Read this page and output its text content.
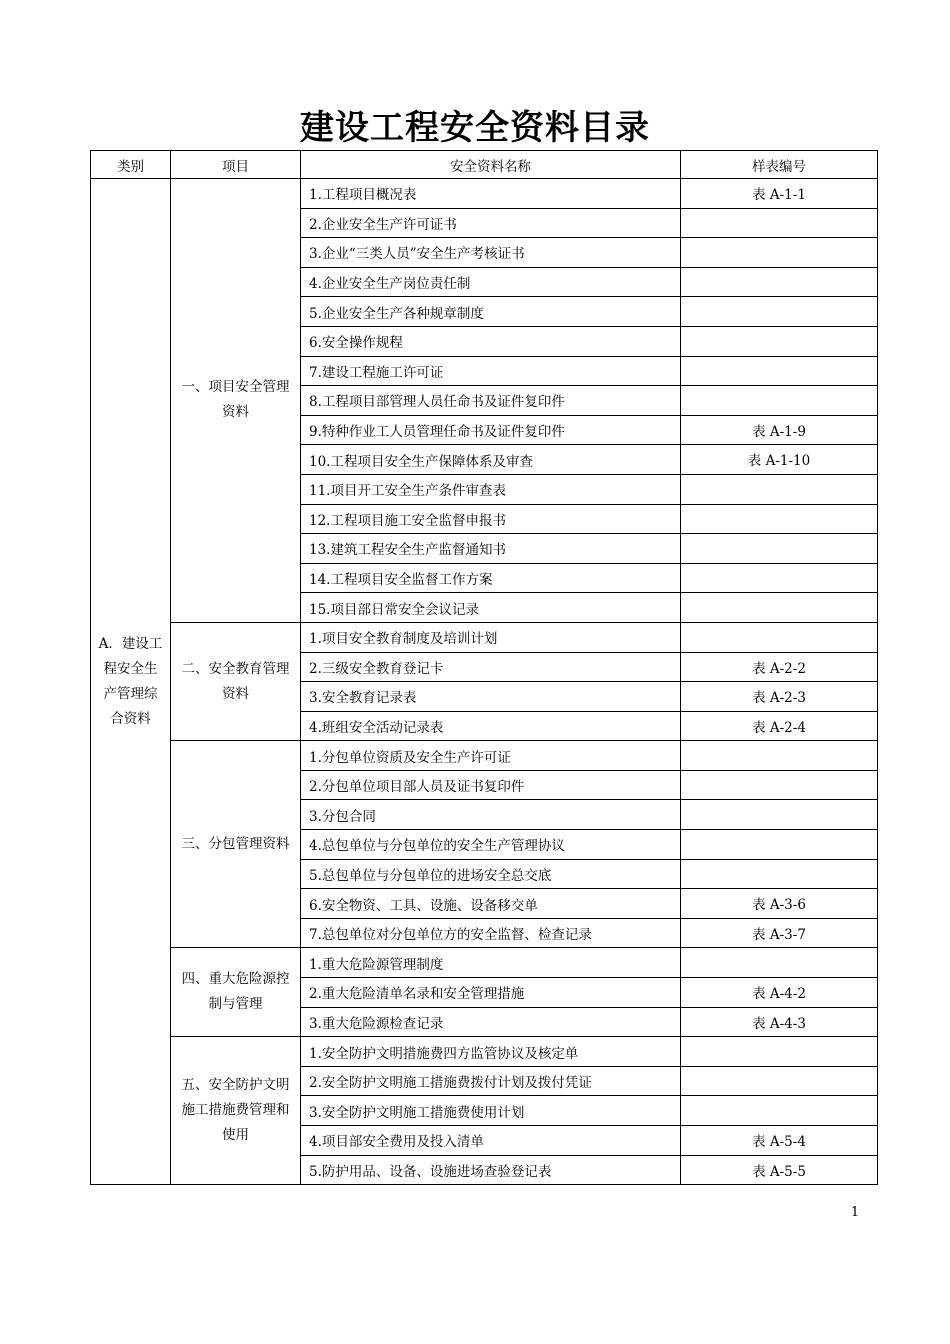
建设工程安全资料目录
类别	项目	安全资料名称	样表编号
A．建设工程安全生产管理综合资料	一、项目安全管理资料	1.工程项目概况表	表 A-1-1
		2.企业安全生产许可证书	
		3.企业“三类人员”安全生产考核证书	
		4.企业安全生产岗位责任制	
		5.企业安全生产各种规章制度	
		6.安全操作规程	
		7.建设工程施工许可证	
		8.工程项目部管理人员任命书及证件复印件	
		9.特种作业工人员管理任命书及证件复印件	表 A-1-9
		10.工程项目安全生产保障体系及审查	表 A-1-10
		11.项目开工安全生产条件审查表	
		12.工程项目施工安全监督申报书	
		13.建筑工程安全生产监督通知书	
		14.工程项目安全监督工作方案	
		15.项目部日常安全会议记录	
	二、安全教育管理资料	1.项目安全教育制度及培训计划	
		2.三级安全教育登记卡	表 A-2-2
		3.安全教育记录表	表 A-2-3
		4.班组安全活动记录表	表 A-2-4
	三、分包管理资料	1.分包单位资质及安全生产许可证	
		2.分包单位项目部人员及证书复印件	
		3.分包合同	
		4.总包单位与分包单位的安全生产管理协议	
		5.总包单位与分包单位的进场安全总交底	
		6.安全物资、工具、设施、设备移交单	表 A-3-6
		7.总包单位对分包单位方的安全监督、检查记录	表 A-3-7
	四、重大危险源控制与管理	1.重大危险源管理制度	
		2.重大危险清单名录和安全管理措施	表 A-4-2
		3.重大危险源检查记录	表 A-4-3
	五、安全防护文明施工措施费管理和使用	1.安全防护文明措施费四方监管协议及核定单	
		2.安全防护文明施工措施费拨付计划及拨付凭证	
		3.安全防护文明施工措施费使用计划	
		4.项目部安全费用及投入清单	表 A-5-4
		5.防护用品、设备、设施进场查验登记表	表 A-5-5
1
